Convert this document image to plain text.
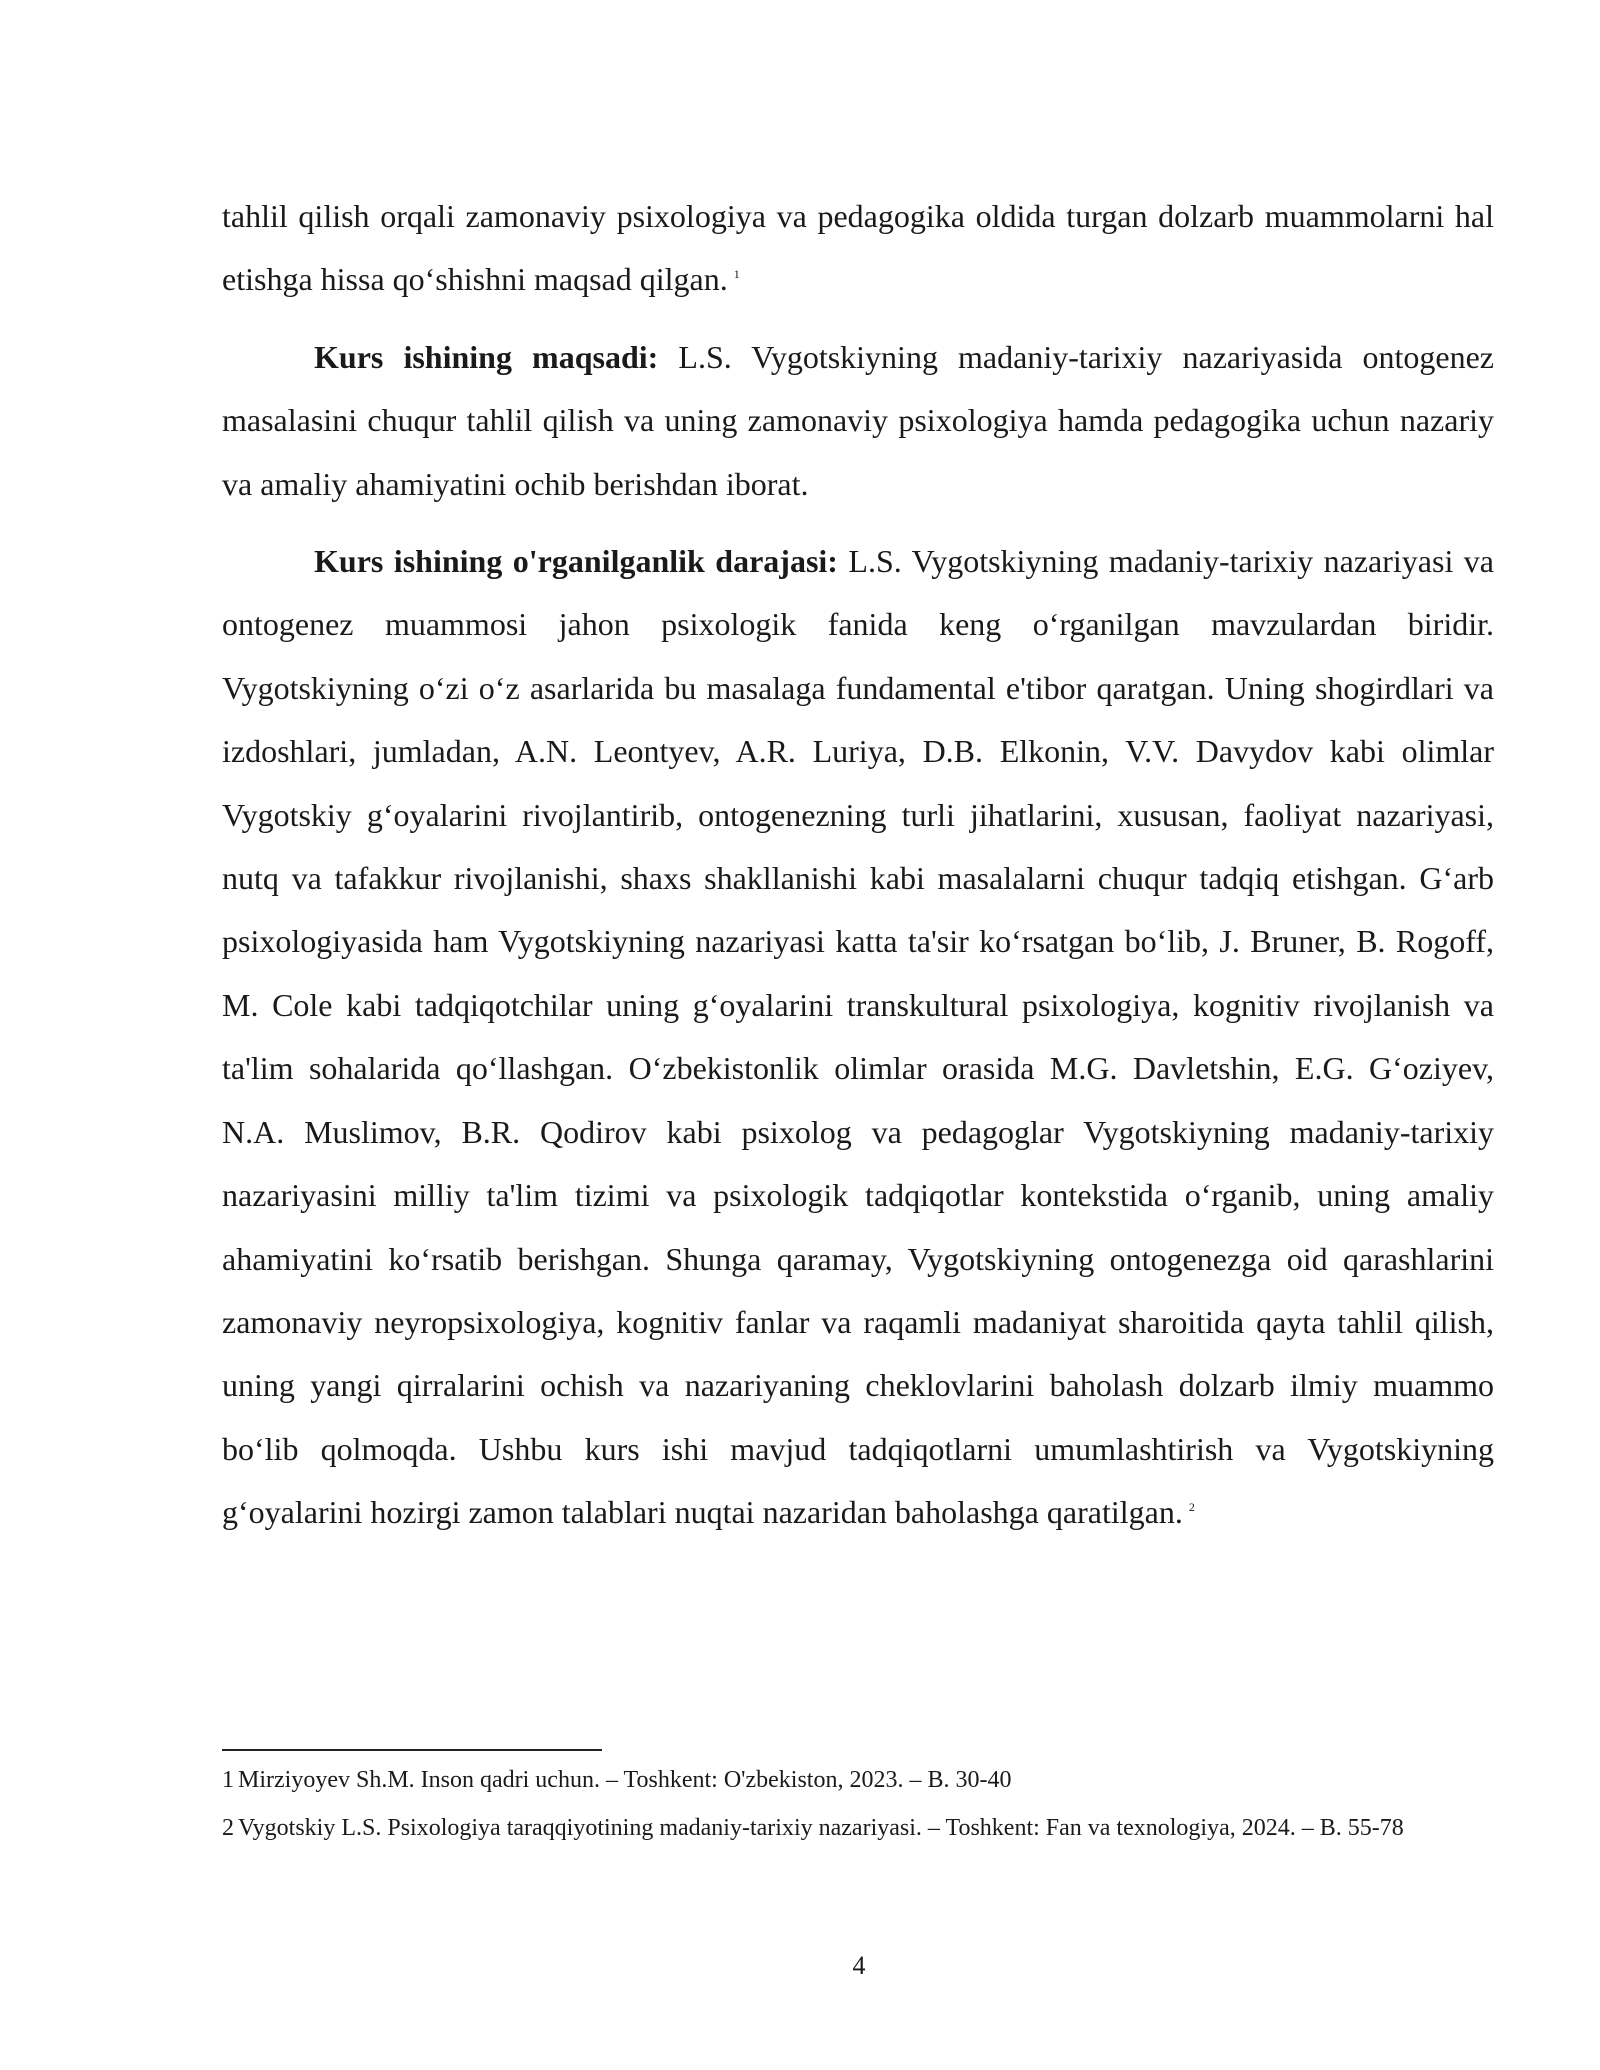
tahlil qilish orqali zamonaviy psixologiya va pedagogika oldida turgan dolzarb muammolarni hal etishga hissa qo‘shishni maqsad qilgan. $^1$

Kurs ishining maqsadi: L.S. Vygotskiyning madaniy-tarixiy nazariyasida ontogenez masalasini chuqur tahlil qilish va uning zamonaviy psixologiya hamda pedagogika uchun nazariy va amaliy ahamiyatini ochib berishdan iborat.

Kurs ishining o'rganilganlik darajasi: L.S. Vygotskiyning madaniy-tarixiy nazariyasi va ontogenez muammosi jahon psixologik fanida keng o‘rganilgan mavzulardan biridir. Vygotskiyning o‘zi o‘z asarlarida bu masalaga fundamental e'tibor qaratgan. Uning shogirdlari va izdoshlari, jumladan, A.N. Leontyev, A.R. Luriya, D.B. Elkonin, V.V. Davydov kabi olimlar Vygotskiy g‘oyalarini rivojlantirib, ontogenezning turli jihatlarini, xususan, faoliyat nazariyasi, nutq va tafakkur rivojlanishi, shaxs shakllanishi kabi masalalarni chuqur tadqiq etishgan. G‘arb psixologiyasida ham Vygotskiyning nazariyasi katta ta'sir ko‘rsatgan bo‘lib, J. Bruner, B. Rogoff, M. Cole kabi tadqiqotchilar uning g‘oyalarini transkultural psixologiya, kognitiv rivojlanish va ta'lim sohalarida qo‘llashgan. O‘zbekistonlik olimlar orasida M.G. Davletshin, E.G. G‘oziyev, N.A. Muslimov, B.R. Qodirov kabi psixolog va pedagoglar Vygotskiyning madaniy-tarixiy nazariyasini milliy ta'lim tizimi va psixologik tadqiqotlar kontekstida o‘rganib, uning amaliy ahamiyatini ko‘rsatib berishgan. Shunga qaramay, Vygotskiyning ontogenezga oid qarashlarini zamonaviy neyropsixologiya, kognitiv fanlar va raqamli madaniyat sharoitida qayta tahlil qilish, uning yangi qirralarini ochish va nazariyaning cheklovlarini baholash dolzarb ilmiy muammo bo‘lib qolmoqda. Ushbu kurs ishi mavjud tadqiqotlarni umumlashtirish va Vygotskiyning g‘oyalarini hozirgi zamon talablari nuqtai nazaridan baholashga qaratilgan. $^2$

1 Mirziyoyev Sh.M. Inson qadri uchun. – Toshkent: O'zbekiston, 2023. – B. 30-40

2 Vygotskiy L.S. Psixologiya taraqqiyotining madaniy-tarixiy nazariyasi. – Toshkent: Fan va texnologiya, 2024. – B. 55-78

4
